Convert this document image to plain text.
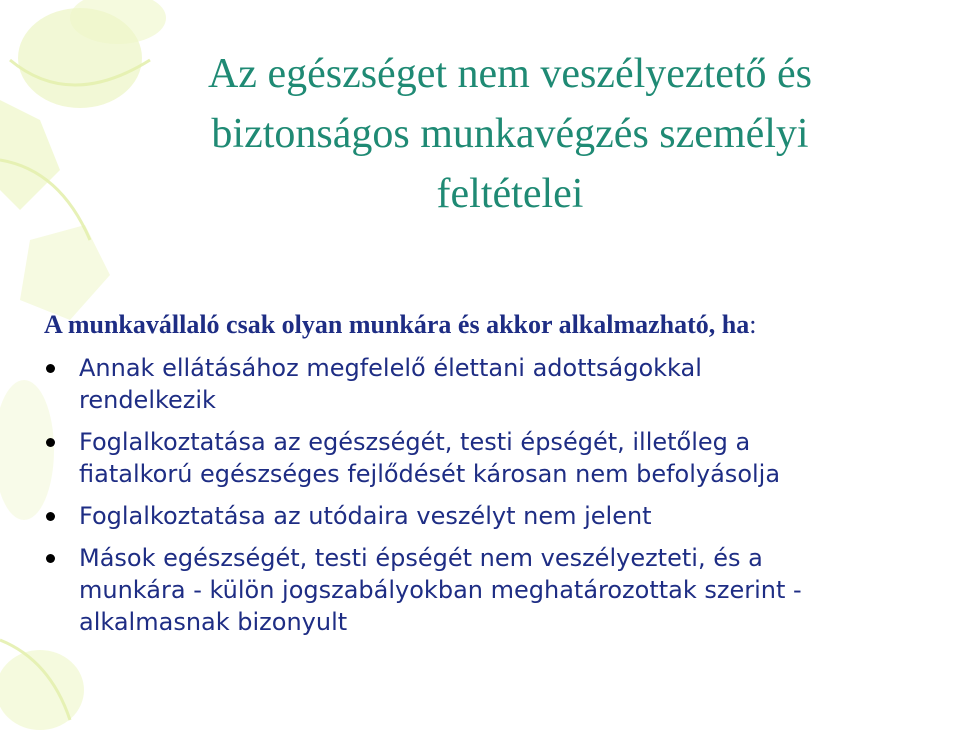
Az egészséget nem veszélyeztető és
biztonságos munkavégzés személyi
feltételei

A munkavállaló csak olyan munkára és akkor alkalmazható, ha:

Annak ellátásához megfelelő élettani adottságokkal
rendelkezik
Foglalkoztatása az egészségét, testi épségét, illetőleg a
fiatalkorú egészséges fejlődését károsan nem befolyásolja
Foglalkoztatása az utódaira veszélyt nem jelent
Mások egészségét, testi épségét nem veszélyezteti, és a
munkára - külön jogszabályokban meghatározottak szerint -
alkalmasnak bizonyult
